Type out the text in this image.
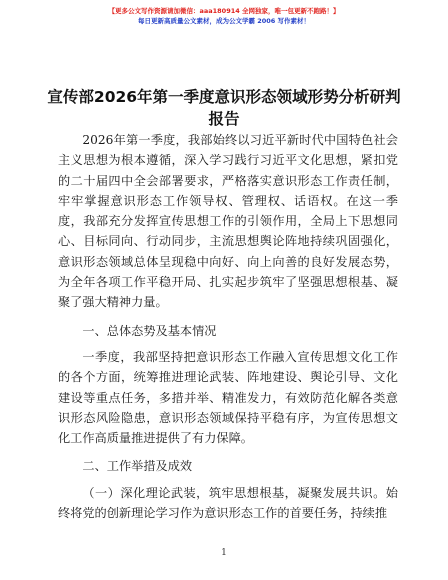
【更多公文写作资源请加微信：aaa180914 全网独家，唯一包更新不跑路！】
每日更新高质量公文素材，成为公文学霸 2006 写作素材！
宣传部2026年第一季度意识形态领域形势分析研判报告

2026年第一季度，我部始终以习近平新时代中国特色社会主义思想为根本遵循，深入学习践行习近平文化思想，紧扣党的二十届四中全会部署要求，严格落实意识形态工作责任制，牢牢掌握意识形态工作领导权、管理权、话语权。在这一季度，我部充分发挥宣传思想工作的引领作用，全局上下思想同心、目标同向、行动同步，主流思想舆论阵地持续巩固强化，意识形态领域总体呈现稳中向好、向上向善的良好发展态势，为全年各项工作平稳开局、扎实起步筑牢了坚强思想根基、凝聚了强大精神力量。

一、总体态势及基本情况

一季度，我部坚持把意识形态工作融入宣传思想文化工作的各个方面，统筹推进理论武装、阵地建设、舆论引导、文化建设等重点任务，多措并举、精准发力，有效防范化解各类意识形态风险隐患，意识形态领域保持平稳有序，为宣传思想文化工作高质量推进提供了有力保障。

二、工作举措及成效

（一）深化理论武装，筑牢思想根基，凝聚发展共识。始终将党的创新理论学习作为意识形态工作的首要任务，持续推

1
